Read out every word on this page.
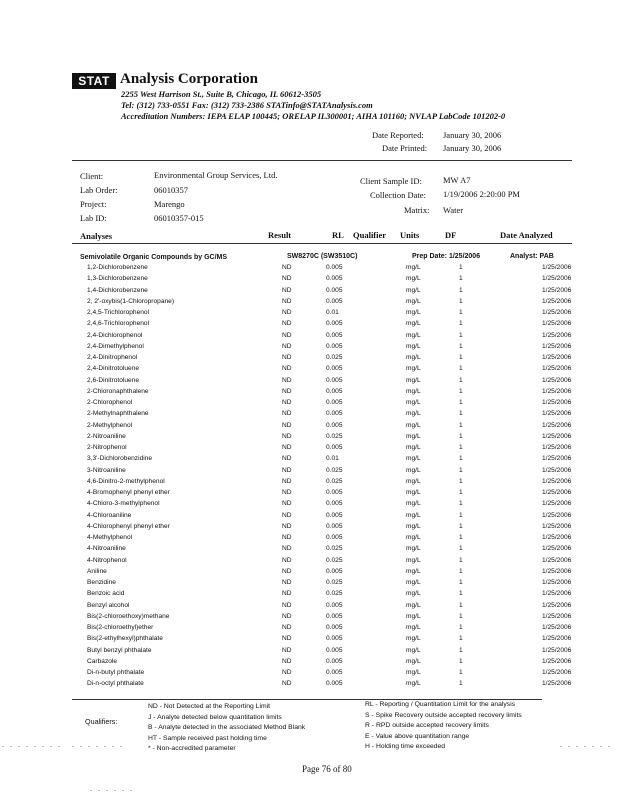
STAT Analysis Corporation
2255 West Harrison St., Suite B, Chicago, IL 60612-3505
Tel: (312) 733-0551 Fax: (312) 733-2386 STATinfo@STATAnalysis.com
Accreditation Numbers: IEPA ELAP 100445; ORELAP IL300001; AIHA 101160; NVLAP LabCode 101202-0
Date Reported: January 30, 2006
Date Printed: January 30, 2006
Client:	Environmental Group Services, Ltd.
Lab Order:	06010357
Project:	Marengo
Lab ID:	06010357-015
Client Sample ID: MW A7
Collection Date: 1/19/2006 2:20:00 PM
Matrix: Water
Analyses	Result	RL Qualifier Units	DF	Date Analyzed
Semivolatile Organic Compounds by GC/MS	SW8270C (SW3510C)	Prep Date: 1/25/2006	Analyst: PAB
1,2-Dichlorobenzene	ND	0.005	mg/L	1	1/25/2006
1,3-Dichlorobenzene	ND	0.005	mg/L	1	1/25/2006
1,4-Dichlorobenzene	ND	0.005	mg/L	1	1/25/2006
2, 2'-oxybis(1-Chloropropane)	ND	0.005	mg/L	1	1/25/2006
2,4,5-Trichlorophenol	ND	0.01	mg/L	1	1/25/2006
2,4,6-Trichlorophenol	ND	0.005	mg/L	1	1/25/2006
2,4-Dichlorophenol	ND	0.005	mg/L	1	1/25/2006
2,4-Dimethylphenol	ND	0.005	mg/L	1	1/25/2006
2,4-Dinitrophenol	ND	0.025	mg/L	1	1/25/2006
2,4-Dinitrotoluene	ND	0.005	mg/L	1	1/25/2006
2,6-Dinitrotoluene	ND	0.005	mg/L	1	1/25/2006
2-Chloronaphthalene	ND	0.005	mg/L	1	1/25/2006
2-Chlorophenol	ND	0.005	mg/L	1	1/25/2006
2-Methylnaphthalene	ND	0.005	mg/L	1	1/25/2006
2-Methylphenol	ND	0.005	mg/L	1	1/25/2006
2-Nitroaniline	ND	0.025	mg/L	1	1/25/2006
2-Nitrophenol	ND	0.005	mg/L	1	1/25/2006
3,3'-Dichlorobenzidine	ND	0.01	mg/L	1	1/25/2006
3-Nitroaniline	ND	0.025	mg/L	1	1/25/2006
4,6-Dinitro-2-methylphenol	ND	0.025	mg/L	1	1/25/2006
4-Bromophenyl phenyl ether	ND	0.005	mg/L	1	1/25/2006
4-Chloro-3-methylphenol	ND	0.005	mg/L	1	1/25/2006
4-Chloroaniline	ND	0.005	mg/L	1	1/25/2006
4-Chlorophenyl phenyl ether	ND	0.005	mg/L	1	1/25/2006
4-Methylphenol	ND	0.005	mg/L	1	1/25/2006
4-Nitroaniline	ND	0.025	mg/L	1	1/25/2006
4-Nitrophenol	ND	0.025	mg/L	1	1/25/2006
Aniline	ND	0.005	mg/L	1	1/25/2006
Benzidine	ND	0.025	mg/L	1	1/25/2006
Benzoic acid	ND	0.025	mg/L	1	1/25/2006
Benzyl alcohol	ND	0.005	mg/L	1	1/25/2006
Bis(2-chloroethoxy)methane	ND	0.005	mg/L	1	1/25/2006
Bis(2-chloroethyl)ether	ND	0.005	mg/L	1	1/25/2006
Bis(2-ethylhexyl)phthalate	ND	0.005	mg/L	1	1/25/2006
Butyl benzyl phthalate	ND	0.005	mg/L	1	1/25/2006
Carbazole	ND	0.005	mg/L	1	1/25/2006
Di-n-butyl phthalate	ND	0.005	mg/L	1	1/25/2006
Di-n-octyl phthalate	ND	0.005	mg/L	1	1/25/2006
Qualifiers:
ND - Not Detected at the Reporting Limit
J - Analyte detected below quantitation limits
B - Analyte detected in the associated Method Blank
HT - Sample received past holding time
* - Non-accredited parameter
RL - Reporting / Quantitation Limit for the analysis
S - Spike Recovery outside accepted recovery limits
R - RPD outside accepted recovery limits
E - Value above quantitation range
H - Holding time exceeded
. . . . . . . . . . . . . . .	. . . . . . .
. . . . . .
Page 76 of 80
